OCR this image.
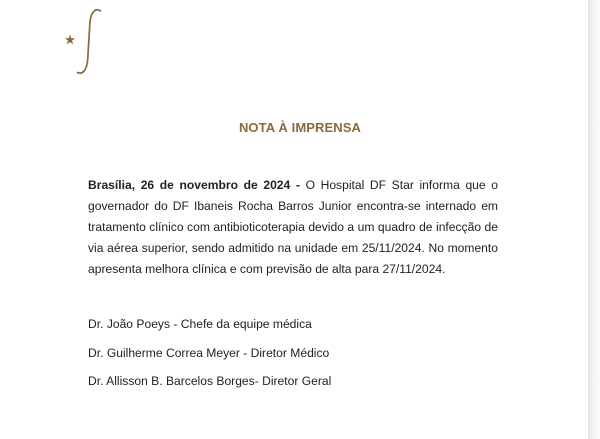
NOTA À IMPRENSA

Brasília, 26 de novembro de 2024 - O Hospital DF Star informa que o governador do DF Ibaneis Rocha Barros Junior encontra-se internado em tratamento clínico com antibioticoterapia devido a um quadro de infecção de via aérea superior, sendo admitido na unidade em 25/11/2024. No momento apresenta melhora clínica e com previsão de alta para 27/11/2024.

Dr. João Poeys - Chefe da equipe médica
Dr. Guilherme Correa Meyer - Diretor Médico
Dr. Allisson B. Barcelos Borges- Diretor Geral
